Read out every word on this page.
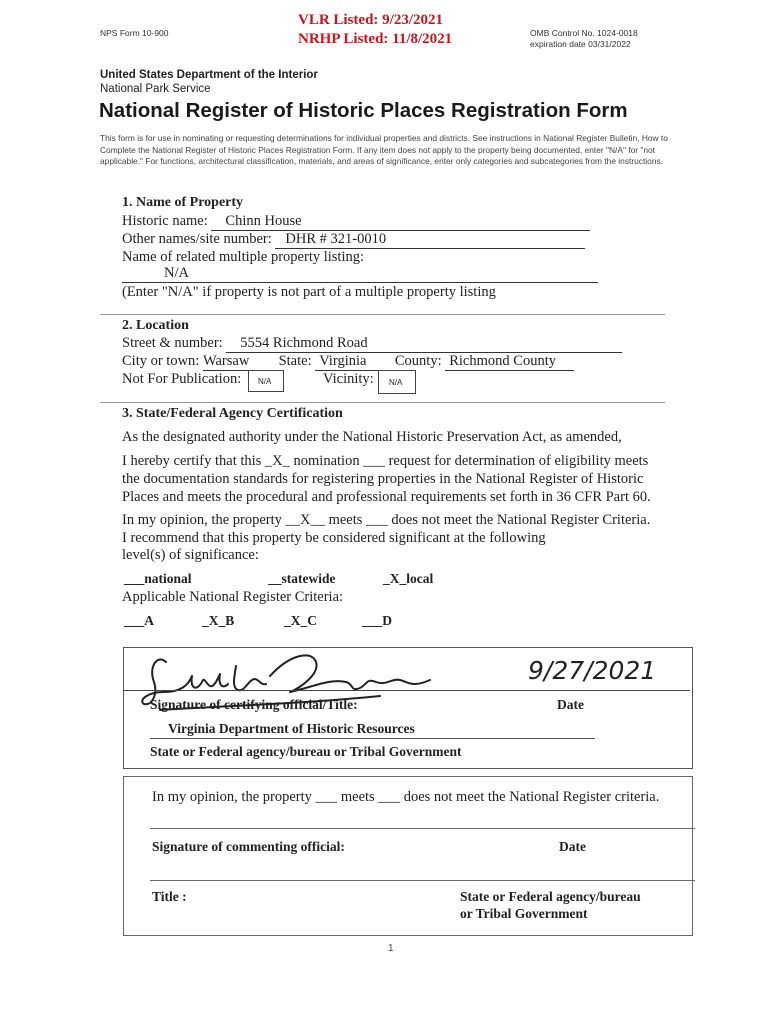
NPS Form 10-900
VLR Listed: 9/23/2021
NRHP Listed: 11/8/2021	OMB Control No. 1024-0018
expiration date 03/31/2022
United States Department of the Interior
National Park Service
National Register of Historic Places Registration Form
This form is for use in nominating or requesting determinations for individual properties and districts. See instructions in National Register Bulletin, How to Complete the National Register of Historic Places Registration Form. If any item does not apply to the property being documented, enter "N/A" for "not applicable." For functions, architectural classification, materials, and areas of significance, enter only categories and subcategories from the instructions.
1. Name of Property
Historic name: Chinn House
Other names/site number: DHR # 321-0010
Name of related multiple property listing:
N/A
(Enter "N/A" if property is not part of a multiple property listing
2. Location
Street & number: 5554 Richmond Road
City or town: Warsaw State: Virginia County: Richmond County
Not For Publication: N/A	Vicinity: N/A
3. State/Federal Agency Certification
As the designated authority under the National Historic Preservation Act, as amended,
I hereby certify that this _X_ nomination ___ request for determination of eligibility meets
the documentation standards for registering properties in the National Register of Historic
Places and meets the procedural and professional requirements set forth in 36 CFR Part 60.
In my opinion, the property __X__ meets ___ does not meet the National Register Criteria.
I recommend that this property be considered significant at the following
level(s) of significance:
___national	__statewide	_X_local
Applicable National Register Criteria:
___A	_X_B	_X_C	___D
9/27/2021
Signature of certifying official/Title:	Date
Virginia Department of Historic Resources
State or Federal agency/bureau or Tribal Government
In my opinion, the property ___ meets ___ does not meet the National Register criteria.
Signature of commenting official:	Date
Title :	State or Federal agency/bureau
or Tribal Government
1
